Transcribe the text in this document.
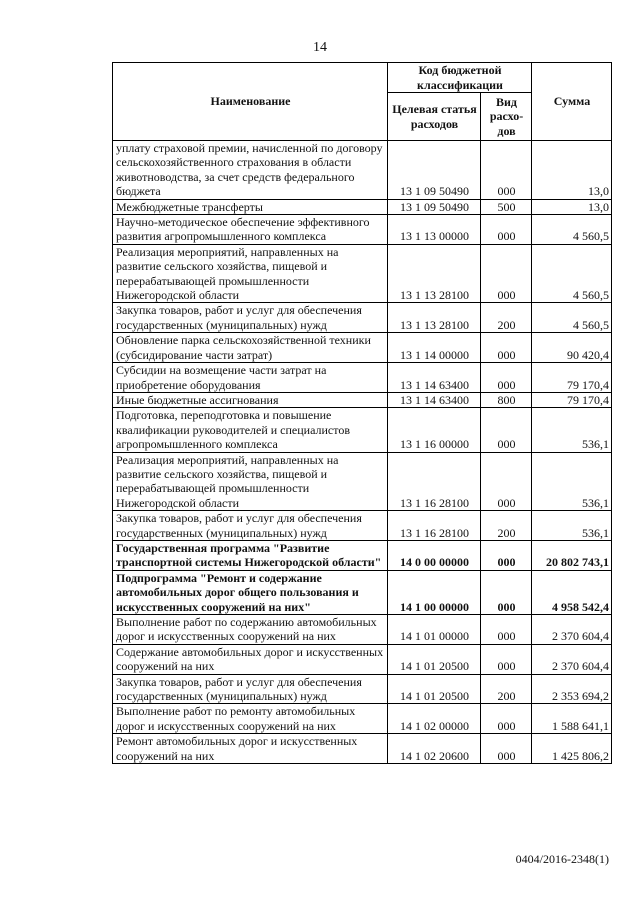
14
Наименование	Код бюджетной классификации		Сумма
	Целевая статья расходов	Вид расхо-дов	
уплату страховой премии, начисленной по договору сельскохозяйственного страхования в области животноводства, за счет средств федерального бюджета	13 1 09 50490	000	13,0
Межбюджетные трансферты	13 1 09 50490	500	13,0
Научно-методическое обеспечение эффективного развития агропромышленного комплекса	13 1 13 00000	000	4 560,5
Реализация мероприятий, направленных на развитие сельского хозяйства, пищевой и перерабатывающей промышленности Нижегородской области	13 1 13 28100	000	4 560,5
Закупка товаров, работ и услуг для обеспечения государственных (муниципальных) нужд	13 1 13 28100	200	4 560,5
Обновление парка сельскохозяйственной техники (субсидирование части затрат)	13 1 14 00000	000	90 420,4
Субсидии на возмещение части затрат на приобретение оборудования	13 1 14 63400	000	79 170,4
Иные бюджетные ассигнования	13 1 14 63400	800	79 170,4
Подготовка, переподготовка и повышение квалификации руководителей и специалистов агропромышленного комплекса	13 1 16 00000	000	536,1
Реализация мероприятий, направленных на развитие сельского хозяйства, пищевой и перерабатывающей промышленности Нижегородской области	13 1 16 28100	000	536,1
Закупка товаров, работ и услуг для обеспечения государственных (муниципальных) нужд	13 1 16 28100	200	536,1
Государственная программа "Развитие транспортной системы Нижегородской области"	14 0 00 00000	000	20 802 743,1
Подпрограмма "Ремонт и содержание автомобильных дорог общего пользования и искусственных сооружений на них"	14 1 00 00000	000	4 958 542,4
Выполнение работ по содержанию автомобильных дорог и искусственных сооружений на них	14 1 01 00000	000	2 370 604,4
Содержание автомобильных дорог и искусственных сооружений на них	14 1 01 20500	000	2 370 604,4
Закупка товаров, работ и услуг для обеспечения государственных (муниципальных) нужд	14 1 01 20500	200	2 353 694,2
Выполнение работ по ремонту автомобильных дорог и искусственных сооружений на них	14 1 02 00000	000	1 588 641,1
Ремонт автомобильных дорог и искусственных сооружений на них	14 1 02 20600	000	1 425 806,2
0404/2016-2348(1)
